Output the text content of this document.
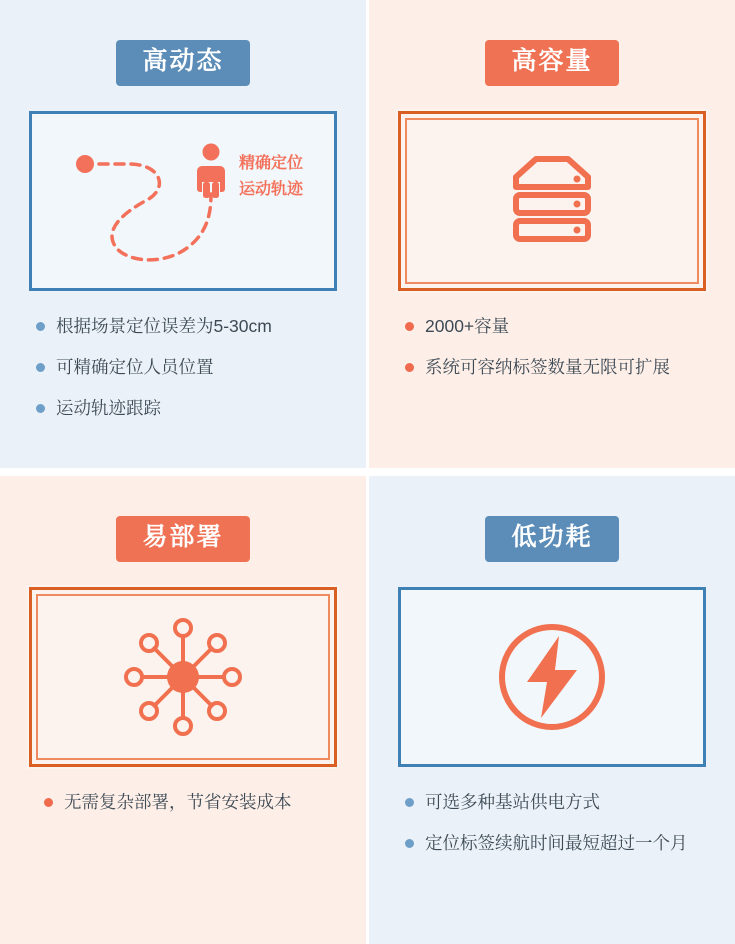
高动态
精确定位
运动轨迹
根据场景定位误差为5-30cm
可精确定位人员位置
运动轨迹跟踪
高容量
2000+容量
系统可容纳标签数量无限可扩展
易部署
无需复杂部署，节省安装成本
低功耗
可选多种基站供电方式
定位标签续航时间最短超过一个月
